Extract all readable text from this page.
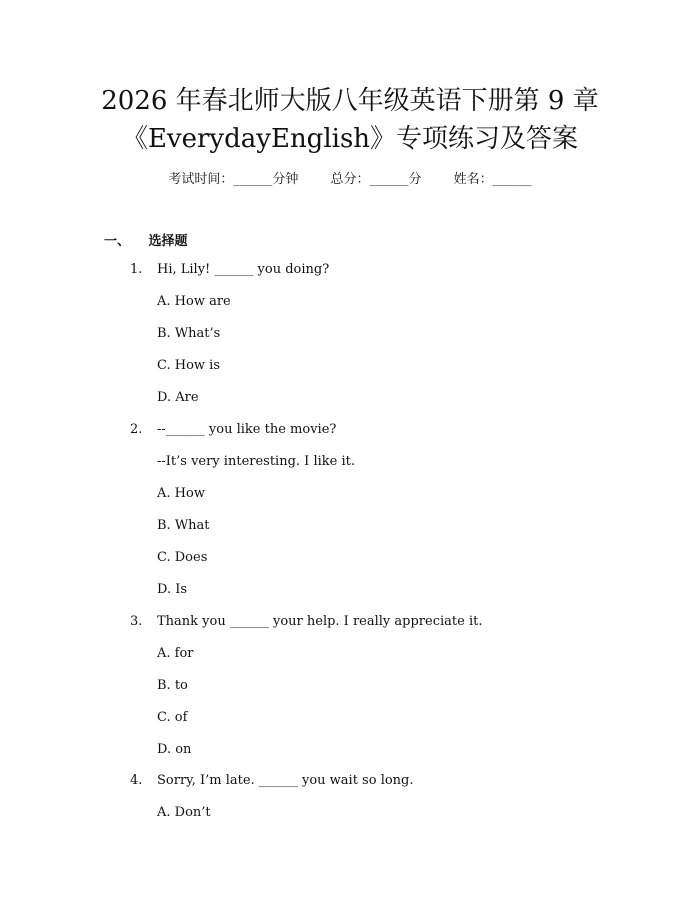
2026 年春北师大版八年级英语下册第 9 章
《EverydayEnglish》专项练习及答案
考试时间：______分钟 总分：______分 姓名：______
一、 选择题
1. Hi, Lily! ______ you doing?
A. How are
B. What’s
C. How is
D. Are
2. --______ you like the movie?
--It’s very interesting. I like it.
A. How
B. What
C. Does
D. Is
3. Thank you ______ your help. I really appreciate it.
A. for
B. to
C. of
D. on
4. Sorry, I’m late. ______ you wait so long.
A. Don’t
